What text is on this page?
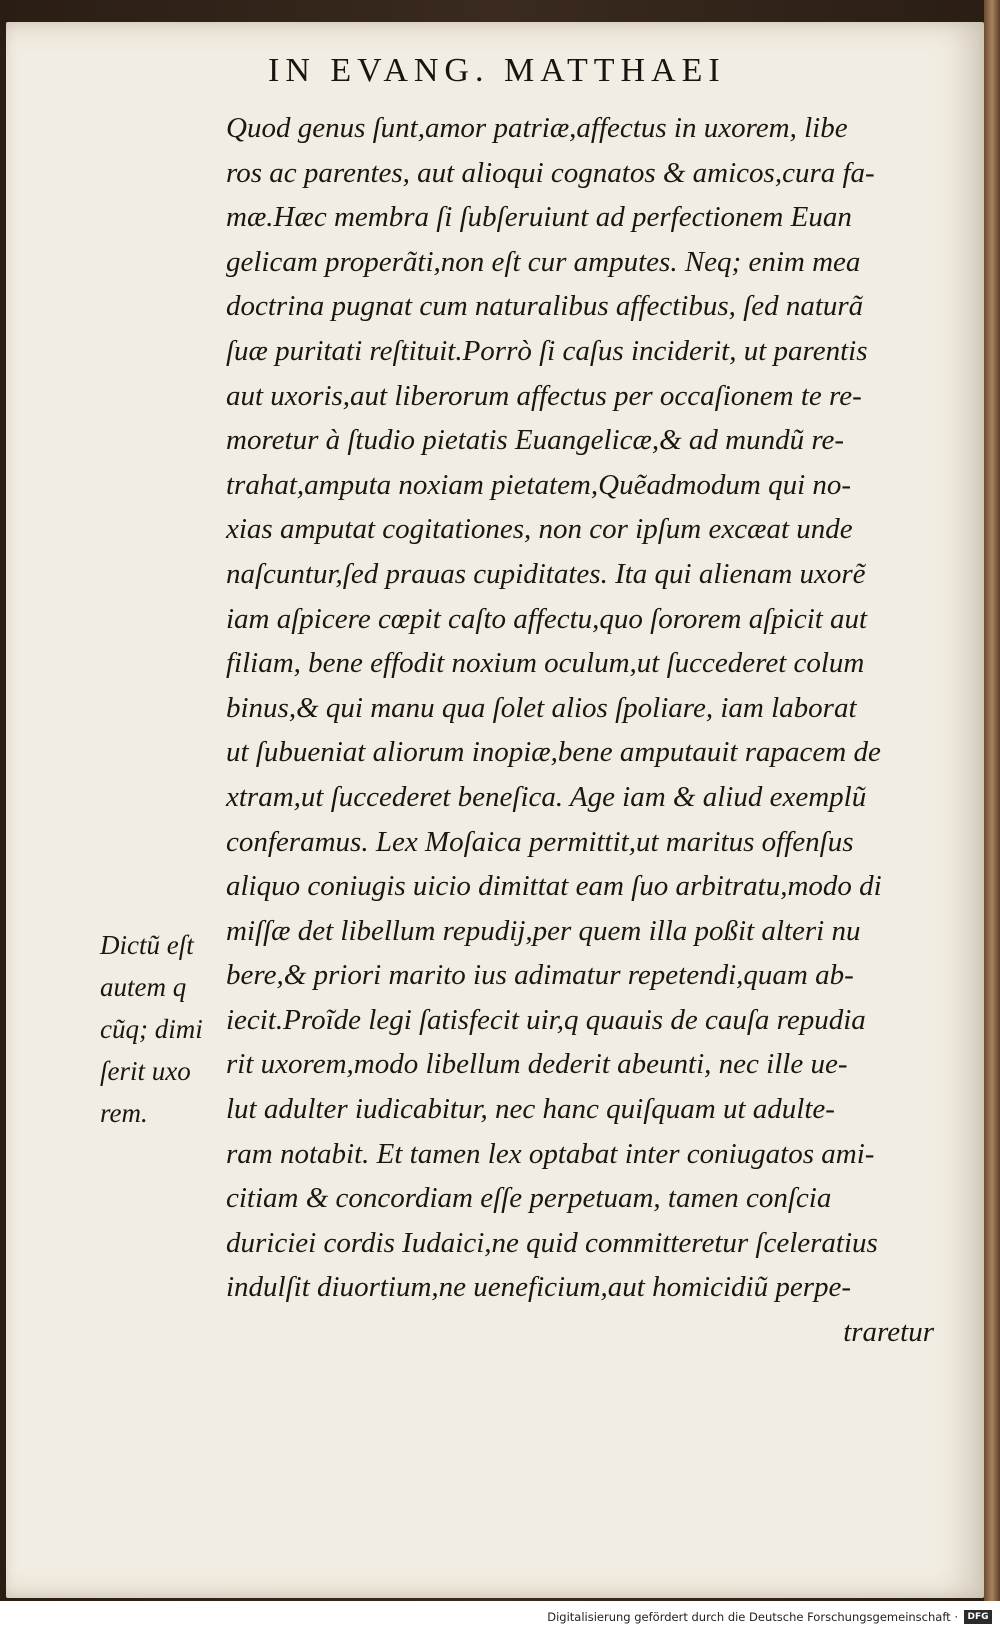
IN EVANG. MATTHAEI
Quod genus ſunt,amor patriæ,affectus in uxorem, libe
ros ac parentes, aut alioqui cognatos & amicos,cura fa-
mæ.Hæc membra ſi ſubſeruiunt ad perfectionem Euan
gelicam properãti,non eſt cur amputes. Neq; enim mea
doctrina pugnat cum naturalibus affectibus, ſed naturã
ſuæ puritati reſtituit.Porrò ſi caſus inciderit, ut parentis
aut uxoris,aut liberorum affectus per occaſionem te re-
moretur à ſtudio pietatis Euangelicæ,& ad mundũ re-
trahat,amputa noxiam pietatem,Quẽadmodum qui no-
xias amputat cogitationes, non cor ipſum excæat unde
naſcuntur,ſed prauas cupiditates. Ita qui alienam uxorẽ
iam aſpicere cœpit caſto affectu,quo ſororem aſpicit aut
filiam, bene effodit noxium oculum,ut ſuccederet colum
binus,& qui manu qua ſolet alios ſpoliare, iam laborat
ut ſubueniat aliorum inopiæ,bene amputauit rapacem de
xtram,ut ſuccederet beneſica. Age iam & aliud exemplũ
conferamus. Lex Moſaica permittit,ut maritus offenſus
aliquo coniugis uicio dimittat eam ſuo arbitratu,modo di
miſſæ det libellum repudij,per quem illa poßit alteri nu
bere,& priori marito ius adimatur repetendi,quam ab-
iecit.Proĩde legi ſatisfecit uir,q quauis de cauſa repudia
rit uxorem,modo libellum dederit abeunti, nec ille ue-
lut adulter iudicabitur, nec hanc quiſquam ut adulte-
ram notabit. Et tamen lex optabat inter coniugatos ami-
citiam & concordiam eſſe perpetuam, tamen conſcia
duriciei cordis Iudaici,ne quid committeretur ſceleratius
indulſit diuortium,ne ueneficium,aut homicidiũ perpe-
traretur
Dictũ eſt
autem q
cũq; dimi
ſerit uxo
rem.
Digitalisierung gefördert durch die Deutsche Forschungsgemeinschaft ·	DFG
